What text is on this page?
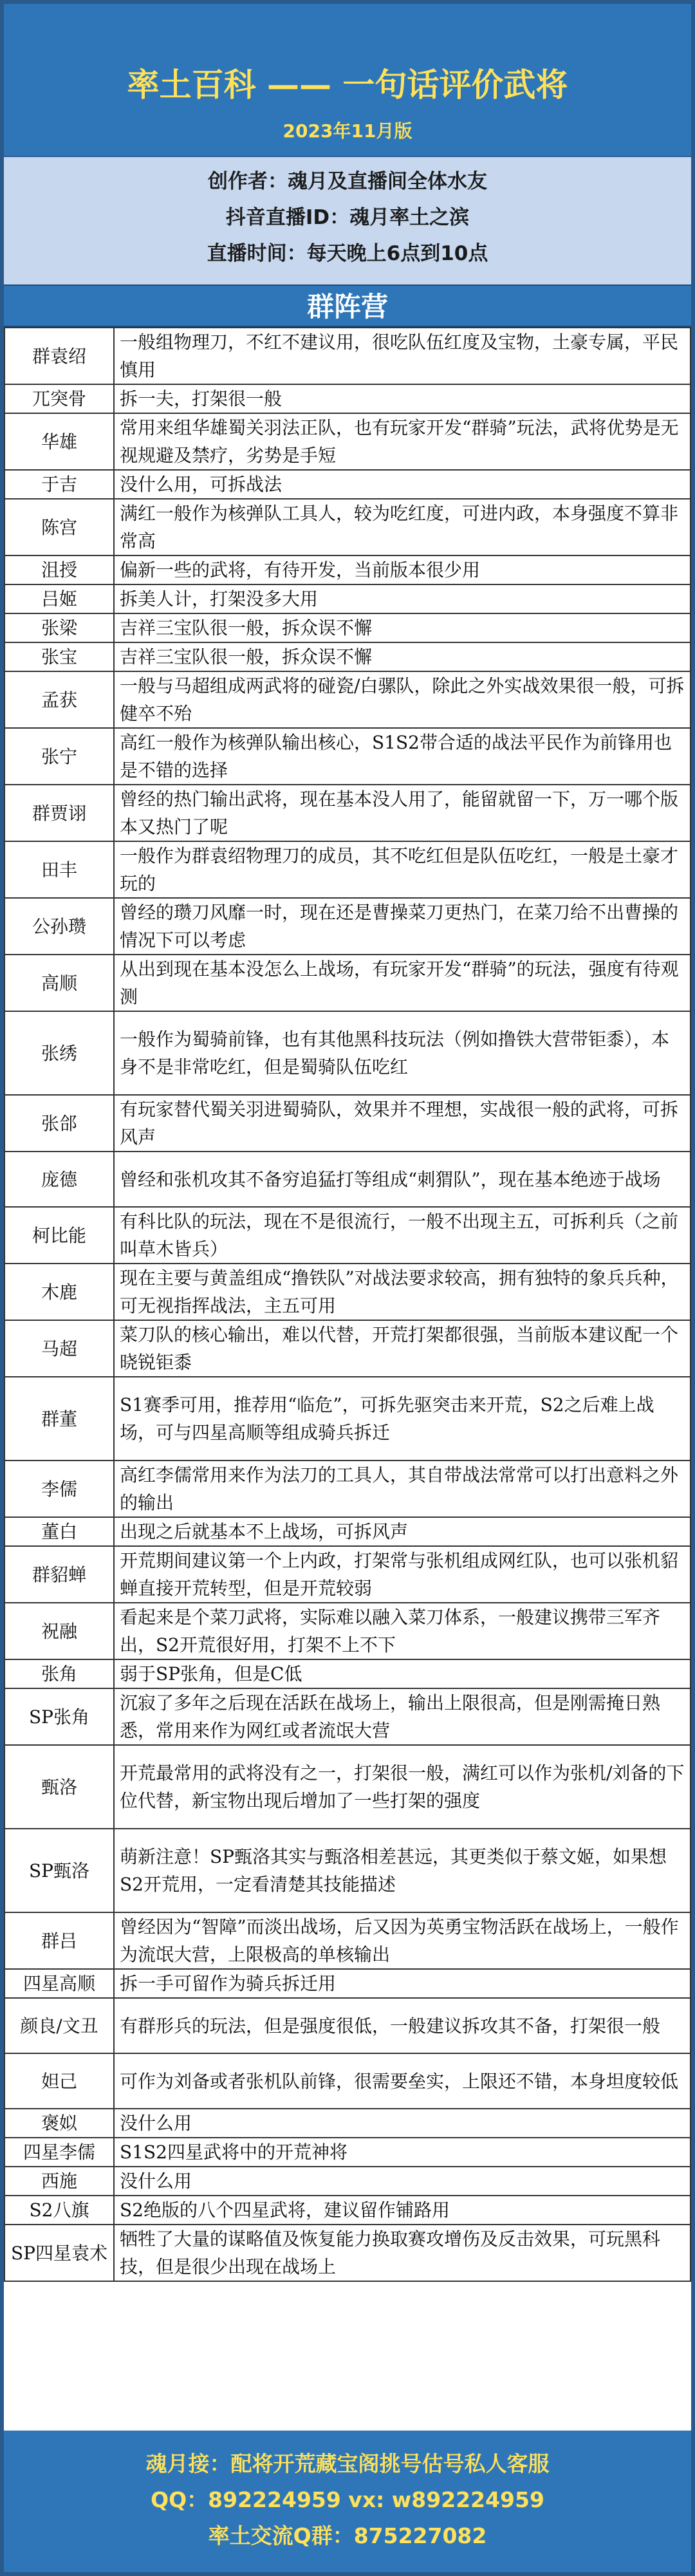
率土百科 —— 一句话评价武将
2023年11月版
创作者：魂月及直播间全体水友
抖音直播ID：魂月率土之滨
直播时间：每天晚上6点到10点
群阵营
群袁绍	一般组物理刀，不红不建议用，很吃队伍红度及宝物，土豪专属，平民慎用
兀突骨	拆一夫，打架很一般
华雄	常用来组华雄蜀关羽法正队，也有玩家开发“群骑”玩法，武将优势是无视规避及禁疗，劣势是手短
于吉	没什么用，可拆战法
陈宫	满红一般作为核弹队工具人，较为吃红度，可进内政，本身强度不算非常高
沮授	偏新一些的武将，有待开发，当前版本很少用
吕姬	拆美人计，打架没多大用
张梁	吉祥三宝队很一般，拆众误不懈
张宝	吉祥三宝队很一般，拆众误不懈
孟获	一般与马超组成两武将的碰瓷/白骡队，除此之外实战效果很一般，可拆健卒不殆
张宁	高红一般作为核弹队输出核心，S1S2带合适的战法平民作为前锋用也是不错的选择
群贾诩	曾经的热门输出武将，现在基本没人用了，能留就留一下，万一哪个版本又热门了呢
田丰	一般作为群袁绍物理刀的成员，其不吃红但是队伍吃红，一般是土豪才玩的
公孙瓒	曾经的瓒刀风靡一时，现在还是曹操菜刀更热门，在菜刀给不出曹操的情况下可以考虑
高顺	从出到现在基本没怎么上战场，有玩家开发“群骑”的玩法，强度有待观测
张绣	一般作为蜀骑前锋，也有其他黑科技玩法（例如撸铁大营带钜黍），本身不是非常吃红，但是蜀骑队伍吃红
张郃	有玩家替代蜀关羽进蜀骑队，效果并不理想，实战很一般的武将，可拆风声
庞德	曾经和张机攻其不备穷追猛打等组成“刺猬队”，现在基本绝迹于战场
柯比能	有科比队的玩法，现在不是很流行，一般不出现主五，可拆利兵（之前叫草木皆兵）
木鹿	现在主要与黄盖组成“撸铁队”对战法要求较高，拥有独特的象兵兵种，可无视指挥战法，主五可用
马超	菜刀队的核心输出，难以代替，开荒打架都很强，当前版本建议配一个晓锐钜黍
群董	S1赛季可用，推荐用“临危”，可拆先驱突击来开荒，S2之后难上战场，可与四星高顺等组成骑兵拆迁
李儒	高红李儒常用来作为法刀的工具人，其自带战法常常可以打出意料之外的输出
董白	出现之后就基本不上战场，可拆风声
群貂蝉	开荒期间建议第一个上内政，打架常与张机组成网红队，也可以张机貂蝉直接开荒转型，但是开荒较弱
祝融	看起来是个菜刀武将，实际难以融入菜刀体系，一般建议携带三军齐出，S2开荒很好用，打架不上不下
张角	弱于SP张角，但是C低
SP张角	沉寂了多年之后现在活跃在战场上，输出上限很高，但是刚需掩日熟悉，常用来作为网红或者流氓大营
甄洛	开荒最常用的武将没有之一，打架很一般，满红可以作为张机/刘备的下位代替，新宝物出现后增加了一些打架的强度
SP甄洛	萌新注意！SP甄洛其实与甄洛相差甚远，其更类似于蔡文姬，如果想S2开荒用，一定看清楚其技能描述
群吕	曾经因为“智障”而淡出战场，后又因为英勇宝物活跃在战场上，一般作为流氓大营，上限极高的单核输出
四星高顺	拆一手可留作为骑兵拆迁用
颜良/文丑	有群形兵的玩法，但是强度很低，一般建议拆攻其不备，打架很一般
妲己	可作为刘备或者张机队前锋，很需要垒实，上限还不错，本身坦度较低
褒姒	没什么用
四星李儒	S1S2四星武将中的开荒神将
西施	没什么用
S2八旗	S2绝版的八个四星武将，建议留作铺路用
SP四星袁术	牺牲了大量的谋略值及恢复能力换取赛攻增伤及反击效果，可玩黑科技，但是很少出现在战场上
魂月接：配将开荒藏宝阁挑号估号私人客服
QQ：892224959 vx: w892224959
率土交流Q群：875227082
